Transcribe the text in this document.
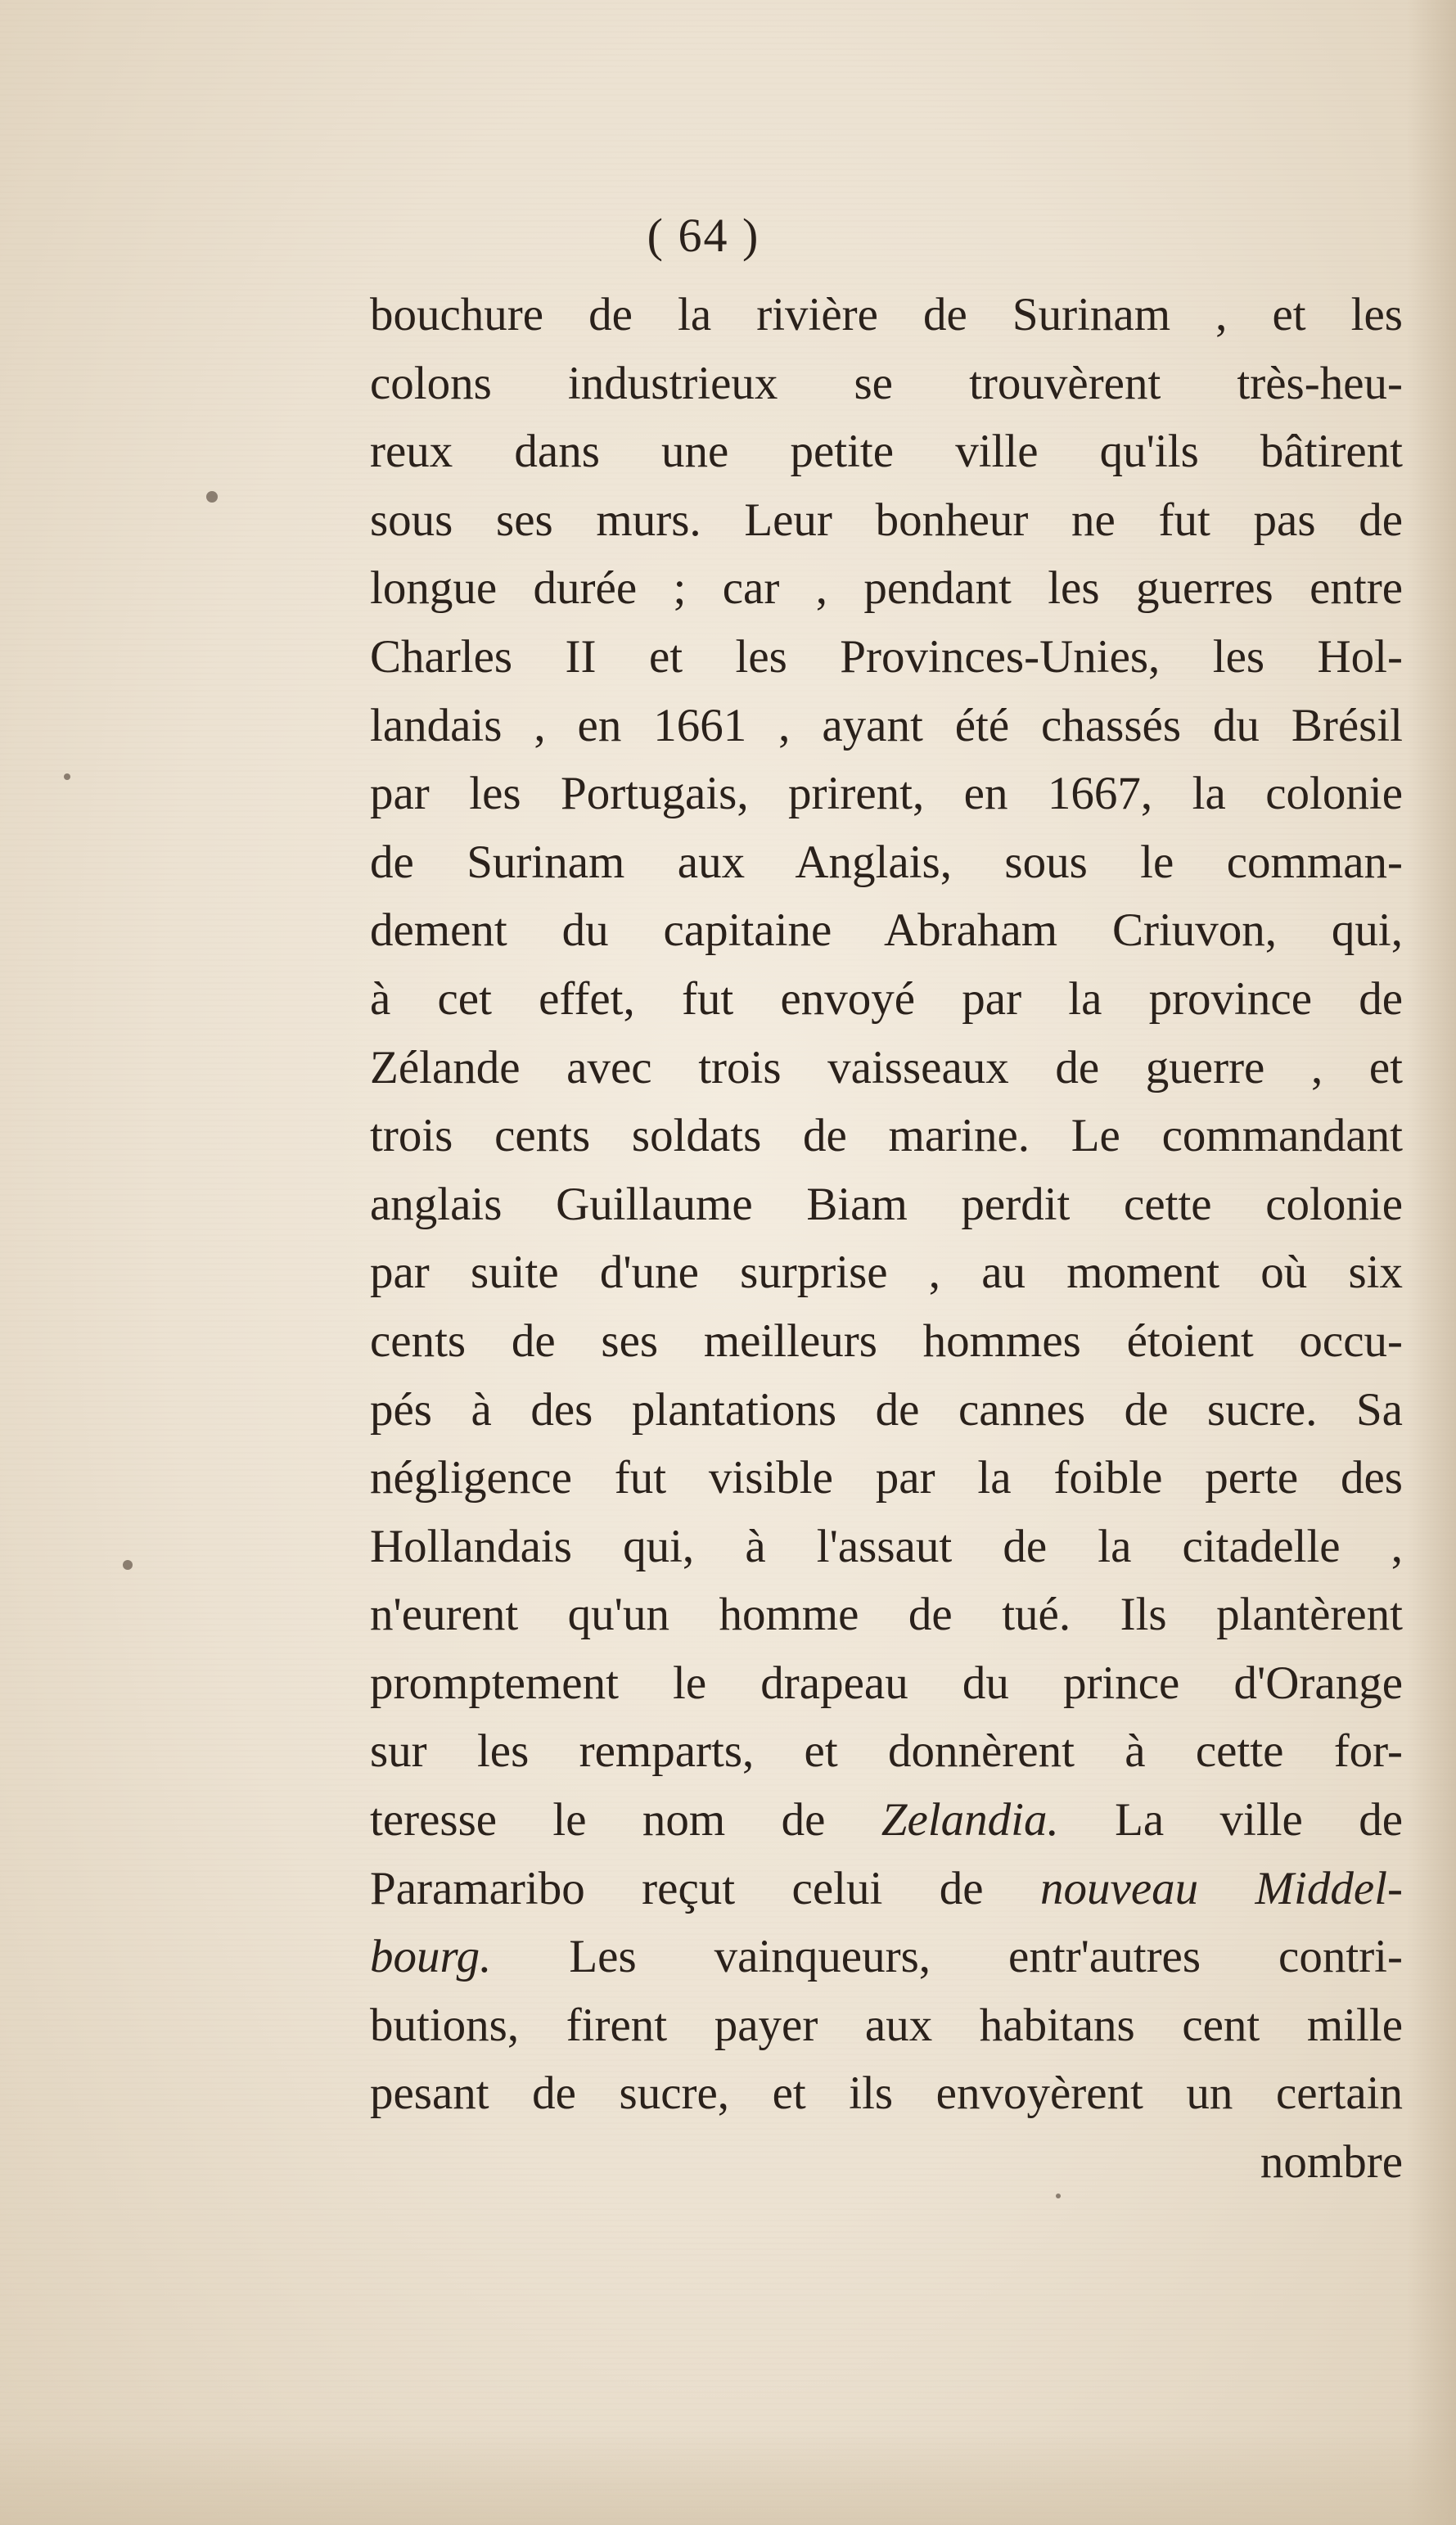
( 64 )
bouchure de la rivière de Surinam , et les
colons industrieux se trouvèrent très-heu-
reux dans une petite ville qu'ils bâtirent
sous ses murs. Leur bonheur ne fut pas de
longue durée ; car , pendant les guerres entre
Charles II et les Provinces-Unies, les Hol-
landais , en 1661 , ayant été chassés du Brésil
par les Portugais, prirent, en 1667, la colonie
de Surinam aux Anglais, sous le comman-
dement du capitaine Abraham Criuvon, qui,
à cet effet, fut envoyé par la province de
Zélande avec trois vaisseaux de guerre , et
trois cents soldats de marine. Le commandant
anglais Guillaume Biam perdit cette colonie
par suite d'une surprise , au moment où six
cents de ses meilleurs hommes étoient occu-
pés à des plantations de cannes de sucre. Sa
négligence fut visible par la foible perte des
Hollandais qui, à l'assaut de la citadelle ,
n'eurent qu'un homme de tué. Ils plantèrent
promptement le drapeau du prince d'Orange
sur les remparts, et donnèrent à cette for-
teresse le nom de Zelandia. La ville de
Paramaribo reçut celui de nouveau Middel-
bourg. Les vainqueurs, entr'autres contri-
butions, firent payer aux habitans cent mille
pesant de sucre, et ils envoyèrent un certain
nombre
